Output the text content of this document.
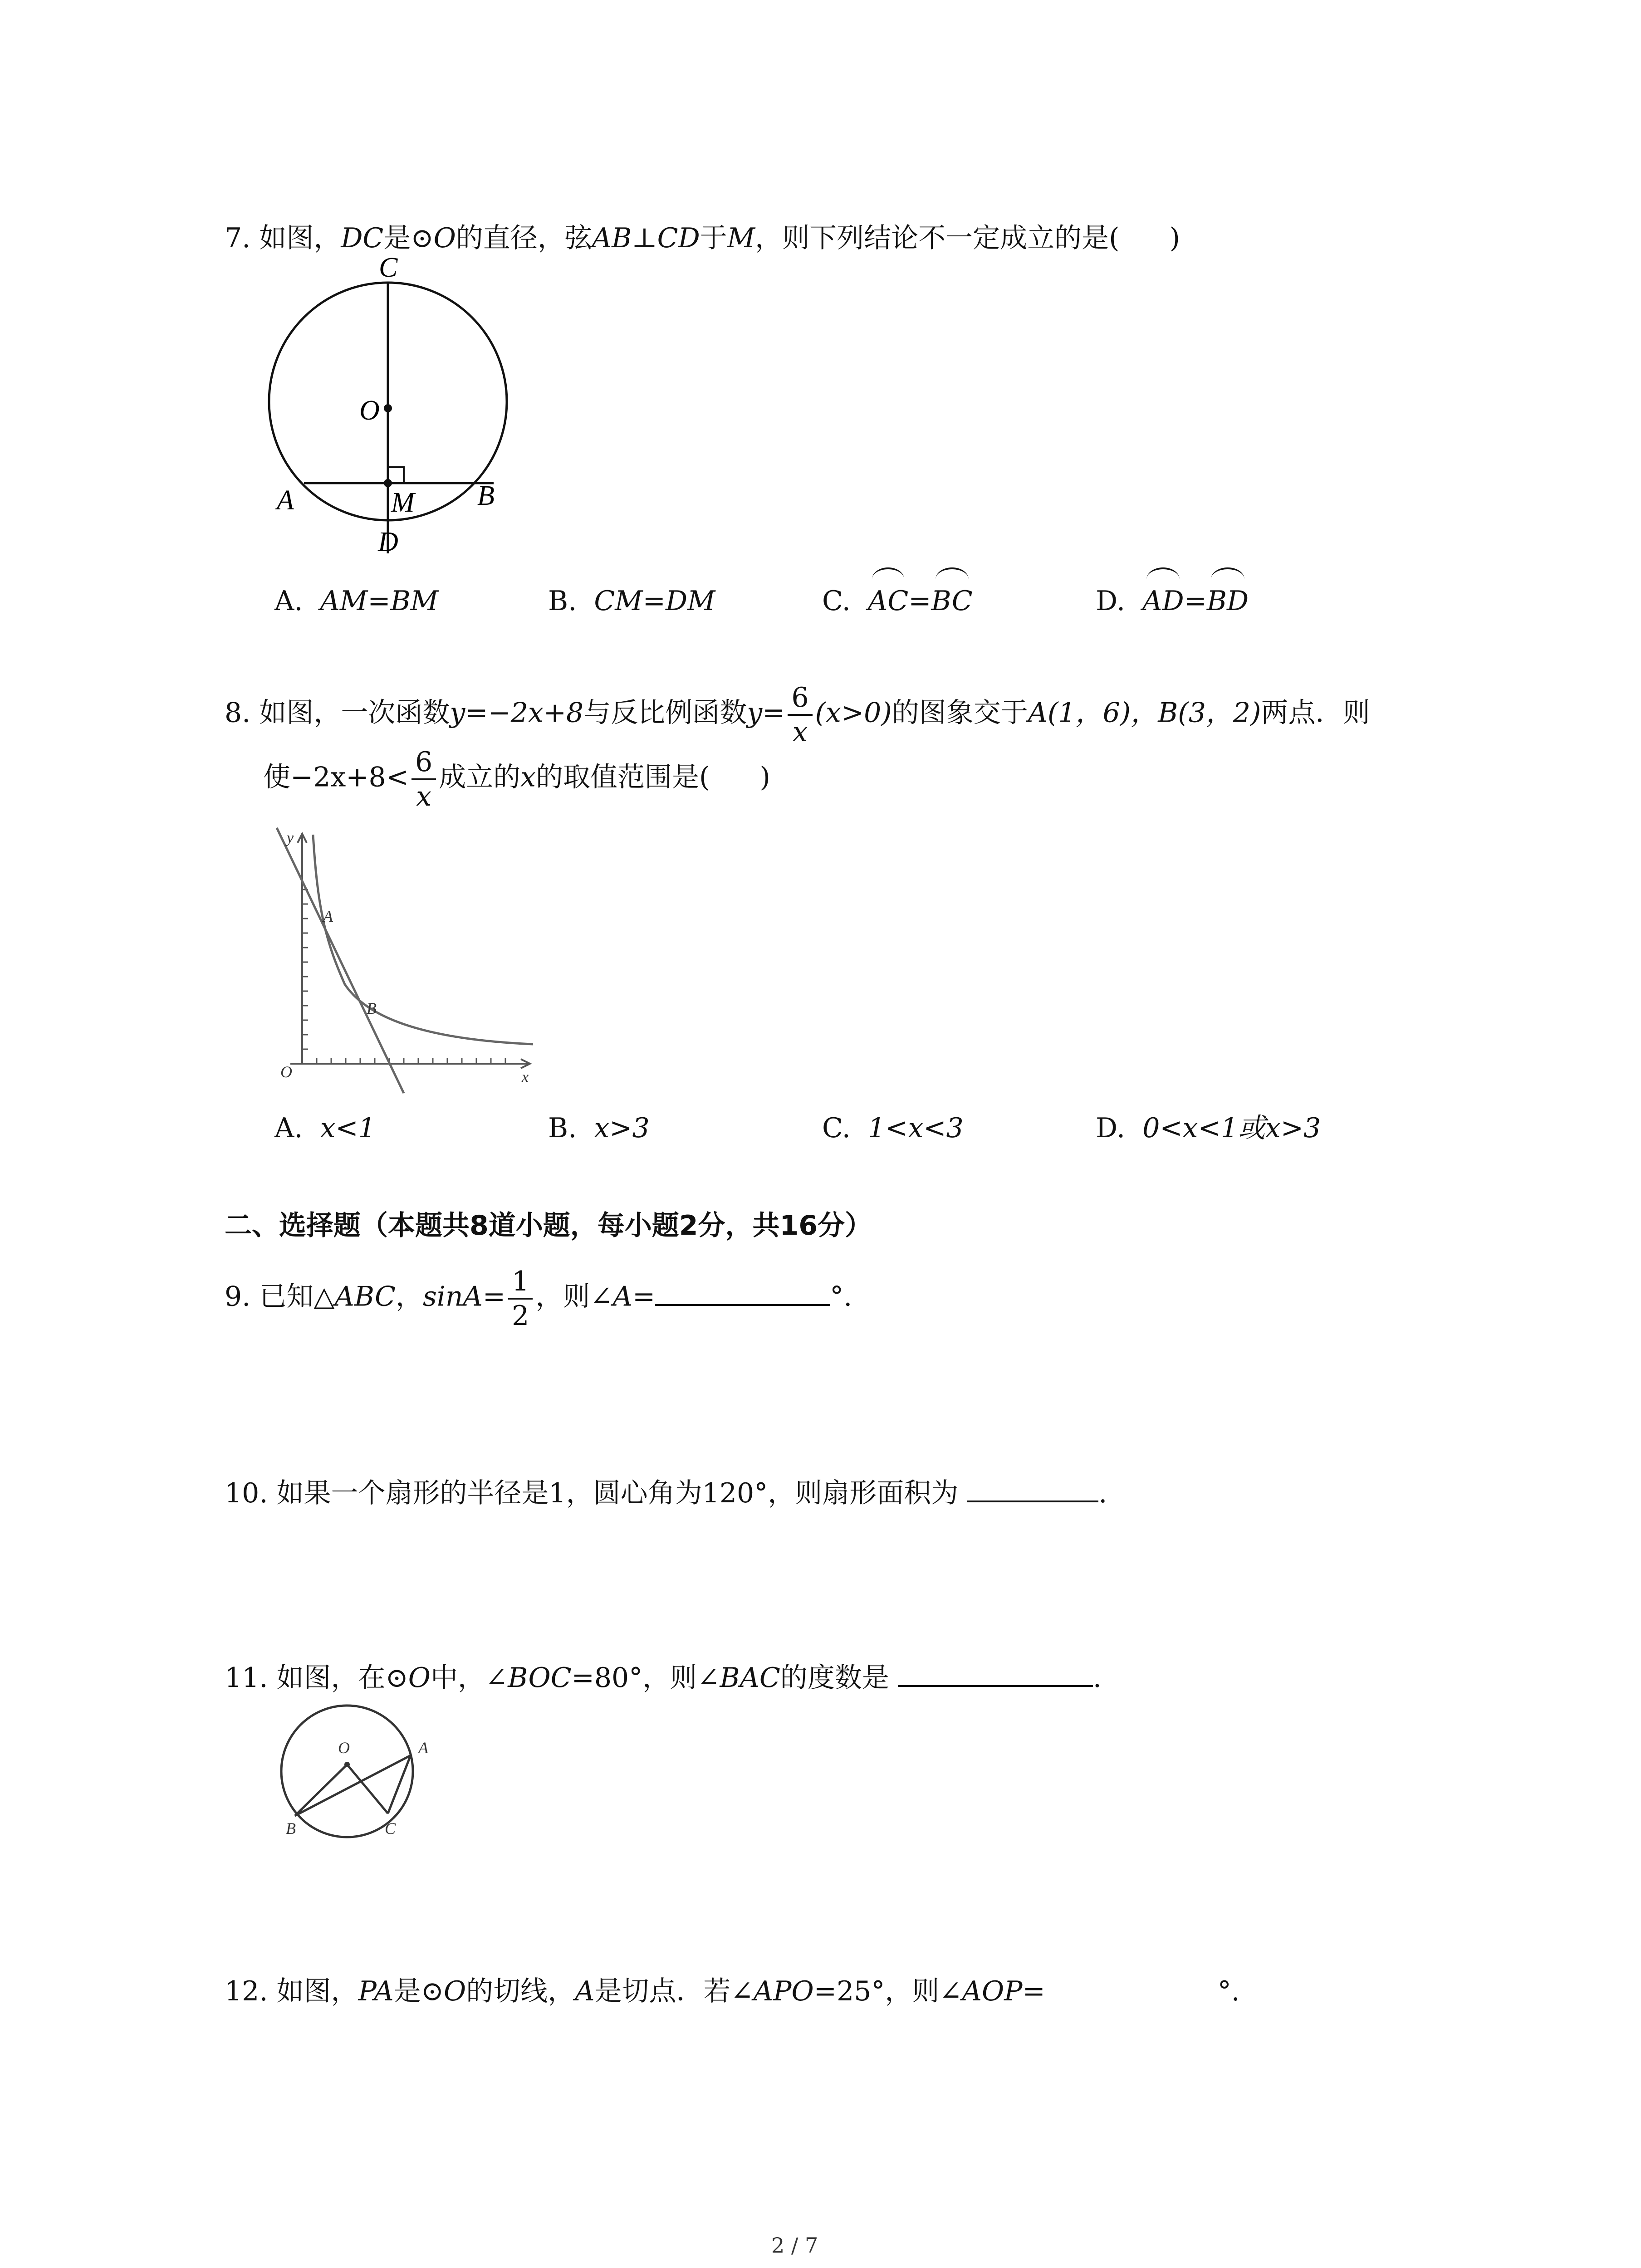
7. 如图，DC是⊙O的直径，弦AB⊥CD于M，则下列结论不一定成立的是( )
C
O
A	M B
D
A. AM=BM	B. CM=DM	C. AC=BC	D. AD=BD
8. 如图，一次函数y=−2x+8与反比例函数$y= \frac{6}{x} (x>0)$的图象交于A(1，6)，B(3，2)两点．则
使$-2x+8< \frac{6}{x}$ 成立的x的取值范围是( )
y
A
B
O	x
A. x<1	B. x>3	C. 1<x<3	D. 0<x<1或x>3
二、选择题（本题共8道小题，每小题2分，共16分）
9. 已知△ABC，$\sin A= \frac{1}{2}$ ，则∠A=	°.
10. 如果一个扇形的半径是1，圆心角为120°，则扇形面积为	.
11. 如图，在⊙O中，∠BOC=80°，则∠BAC的度数是	.
O	A
B	C
12. 如图，PA是⊙O的切线，A是切点．若∠APO=25°，则∠AOP=	°.
2 / 7
